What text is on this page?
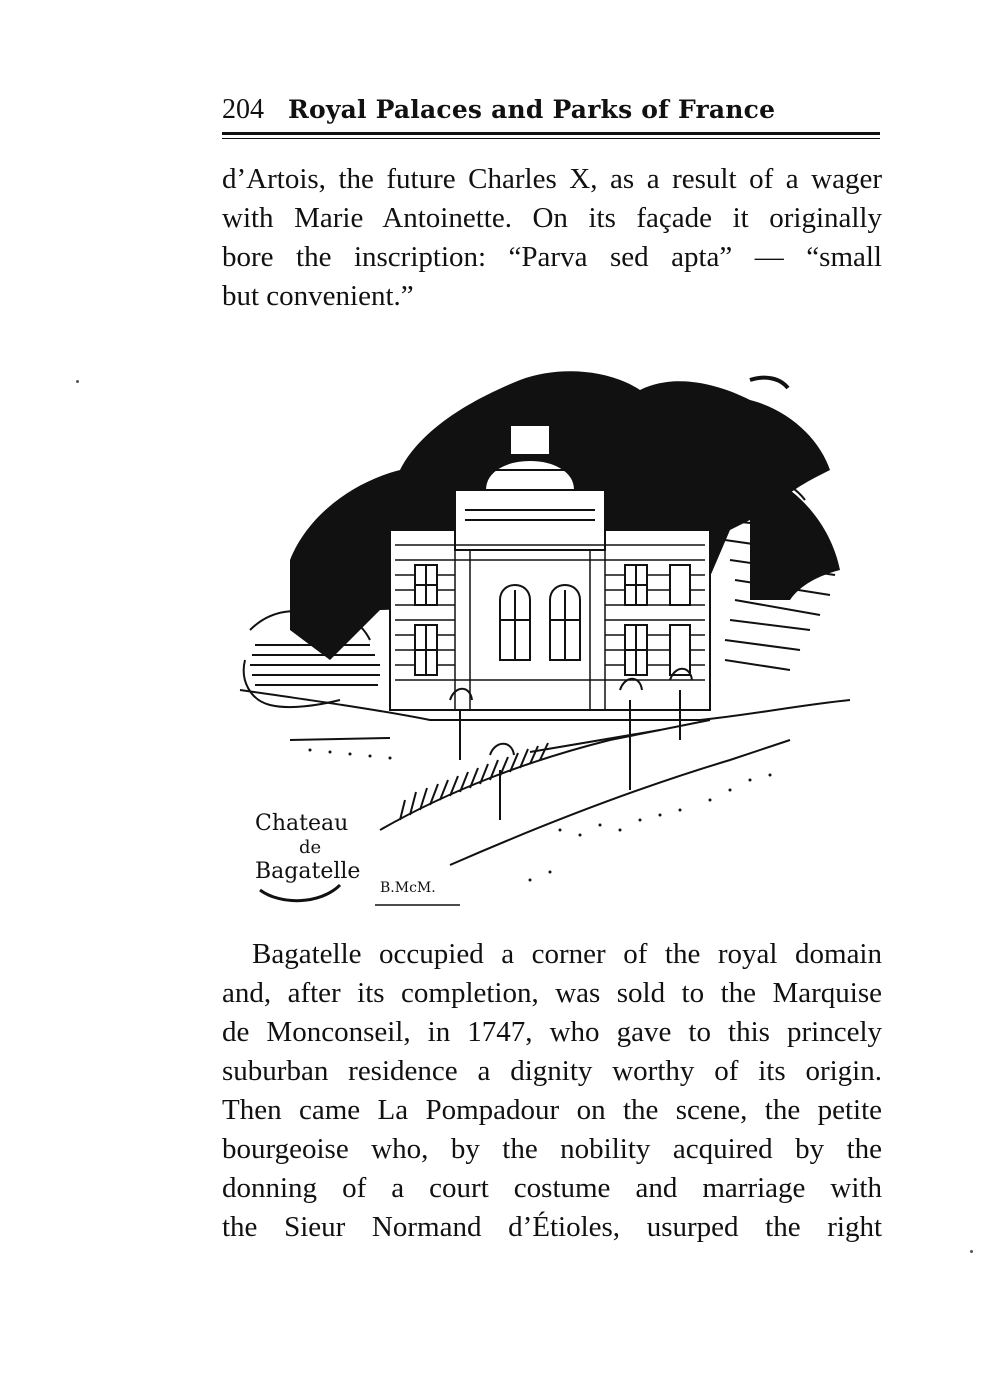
204 Royal Palaces and Parks of France
d’Artois, the future Charles X, as a result of a wager
with Marie Antoinette. On its façade it originally
bore the inscription: “Parva sed apta” — “small
but convenient.”
Chateau
de
Bagatelle
B.McM.
Bagatelle occupied a corner of the royal domain
and, after its completion, was sold to the Marquise
de Monconseil, in 1747, who gave to this princely
suburban residence a dignity worthy of its origin.
Then came La Pompadour on the scene, the petite
bourgeoise who, by the nobility acquired by the
donning of a court costume and marriage with
the Sieur Normand d’Étioles, usurped the right
